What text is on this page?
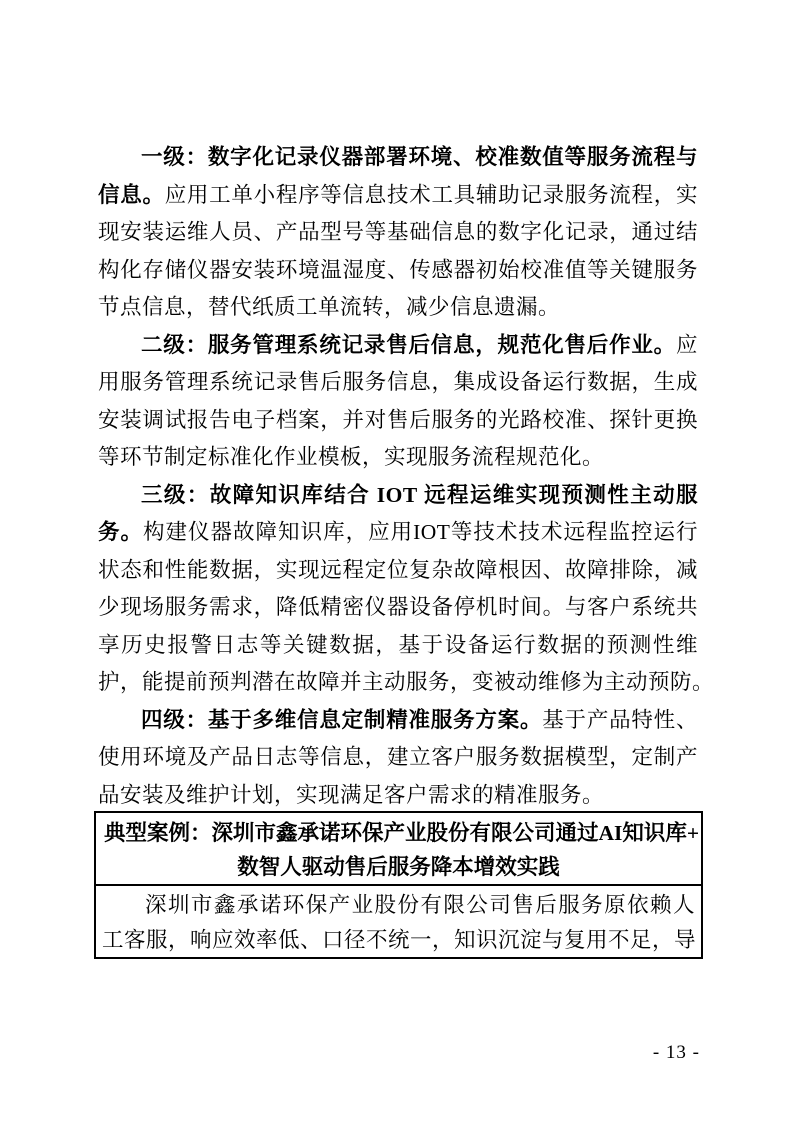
一级：数字化记录仪器部署环境、校准数值等服务流程与
信息。应用工单小程序等信息技术工具辅助记录服务流程，实
现安装运维人员、产品型号等基础信息的数字化记录，通过结
构化存储仪器安装环境温湿度、传感器初始校准值等关键服务
节点信息，替代纸质工单流转，减少信息遗漏。
二级：服务管理系统记录售后信息，规范化售后作业。应
用服务管理系统记录售后服务信息，集成设备运行数据，生成
安装调试报告电子档案，并对售后服务的光路校准、探针更换
等环节制定标准化作业模板，实现服务流程规范化。
三级：故障知识库结合 IOT 远程运维实现预测性主动服
务。构建仪器故障知识库，应用IOT等技术技术远程监控运行
状态和性能数据，实现远程定位复杂故障根因、故障排除，减
少现场服务需求，降低精密仪器设备停机时间。与客户系统共
享历史报警日志等关键数据，基于设备运行数据的预测性维
护，能提前预判潜在故障并主动服务，变被动维修为主动预防。
四级：基于多维信息定制精准服务方案。基于产品特性、
使用环境及产品日志等信息，建立客户服务数据模型，定制产
品安装及维护计划，实现满足客户需求的精准服务。
典型案例：深圳市鑫承诺环保产业股份有限公司通过AI知识库+
数智人驱动售后服务降本增效实践
深圳市鑫承诺环保产业股份有限公司售后服务原依赖人
工客服，响应效率低、口径不统一，知识沉淀与复用不足，导
- 13 -
